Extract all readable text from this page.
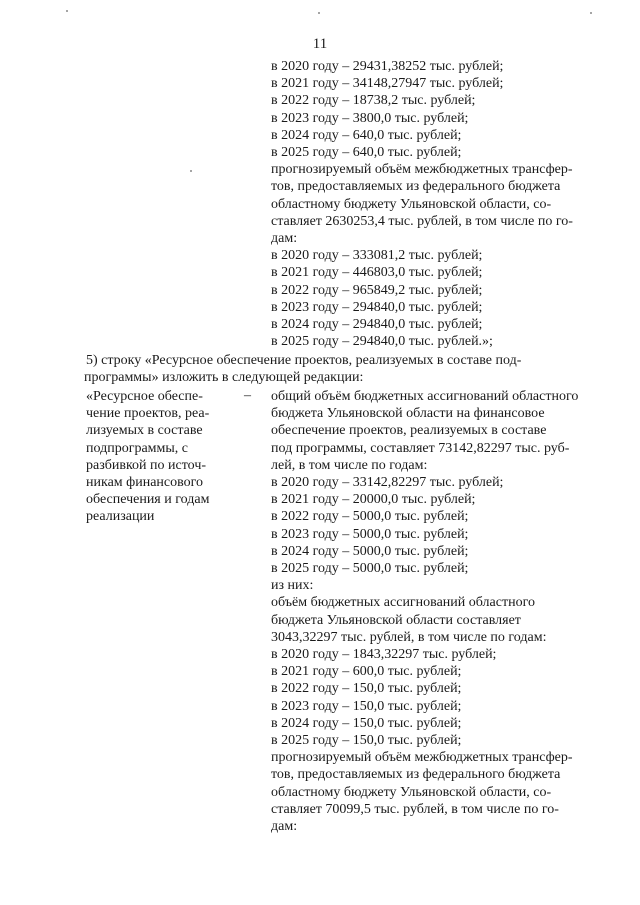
11
в 2020 году – 29431,38252 тыс. рублей;
в 2021 году – 34148,27947 тыс. рублей;
в 2022 году – 18738,2 тыс. рублей;
в 2023 году – 3800,0 тыс. рублей;
в 2024 году – 640,0 тыс. рублей;
в 2025 году – 640,0 тыс. рублей;
прогнозируемый объём межбюджетных трансфер-
тов, предоставляемых из федерального бюджета
областному бюджету Ульяновской области, со-
ставляет 2630253,4 тыс. рублей, в том числе по го-
дам:
в 2020 году – 333081,2 тыс. рублей;
в 2021 году – 446803,0 тыс. рублей;
в 2022 году – 965849,2 тыс. рублей;
в 2023 году – 294840,0 тыс. рублей;
в 2024 году – 294840,0 тыс. рублей;
в 2025 году – 294840,0 тыс. рублей.»;
5) строку «Ресурсное обеспечение проектов, реализуемых в составе под-
программы» изложить в следующей редакции:
«Ресурсное обеспе-
чение проектов, реа-
лизуемых в составе
подпрограммы, с
разбивкой по источ-
никам финансового
обеспечения и годам
реализации
– общий объём бюджетных ассигнований областного
бюджета Ульяновской области на финансовое
обеспечение проектов, реализуемых в составе
под программы, составляет 73142,82297 тыс. руб-
лей, в том числе по годам:
в 2020 году – 33142,82297 тыс. рублей;
в 2021 году – 20000,0 тыс. рублей;
в 2022 году – 5000,0 тыс. рублей;
в 2023 году – 5000,0 тыс. рублей;
в 2024 году – 5000,0 тыс. рублей;
в 2025 году – 5000,0 тыс. рублей;
из них:
объём бюджетных ассигнований областного
бюджета Ульяновской области составляет
3043,32297 тыс. рублей, в том числе по годам:
в 2020 году – 1843,32297 тыс. рублей;
в 2021 году – 600,0 тыс. рублей;
в 2022 году – 150,0 тыс. рублей;
в 2023 году – 150,0 тыс. рублей;
в 2024 году – 150,0 тыс. рублей;
в 2025 году – 150,0 тыс. рублей;
прогнозируемый объём межбюджетных трансфер-
тов, предоставляемых из федерального бюджета
областному бюджету Ульяновской области, со-
ставляет 70099,5 тыс. рублей, в том числе по го-
дам:
